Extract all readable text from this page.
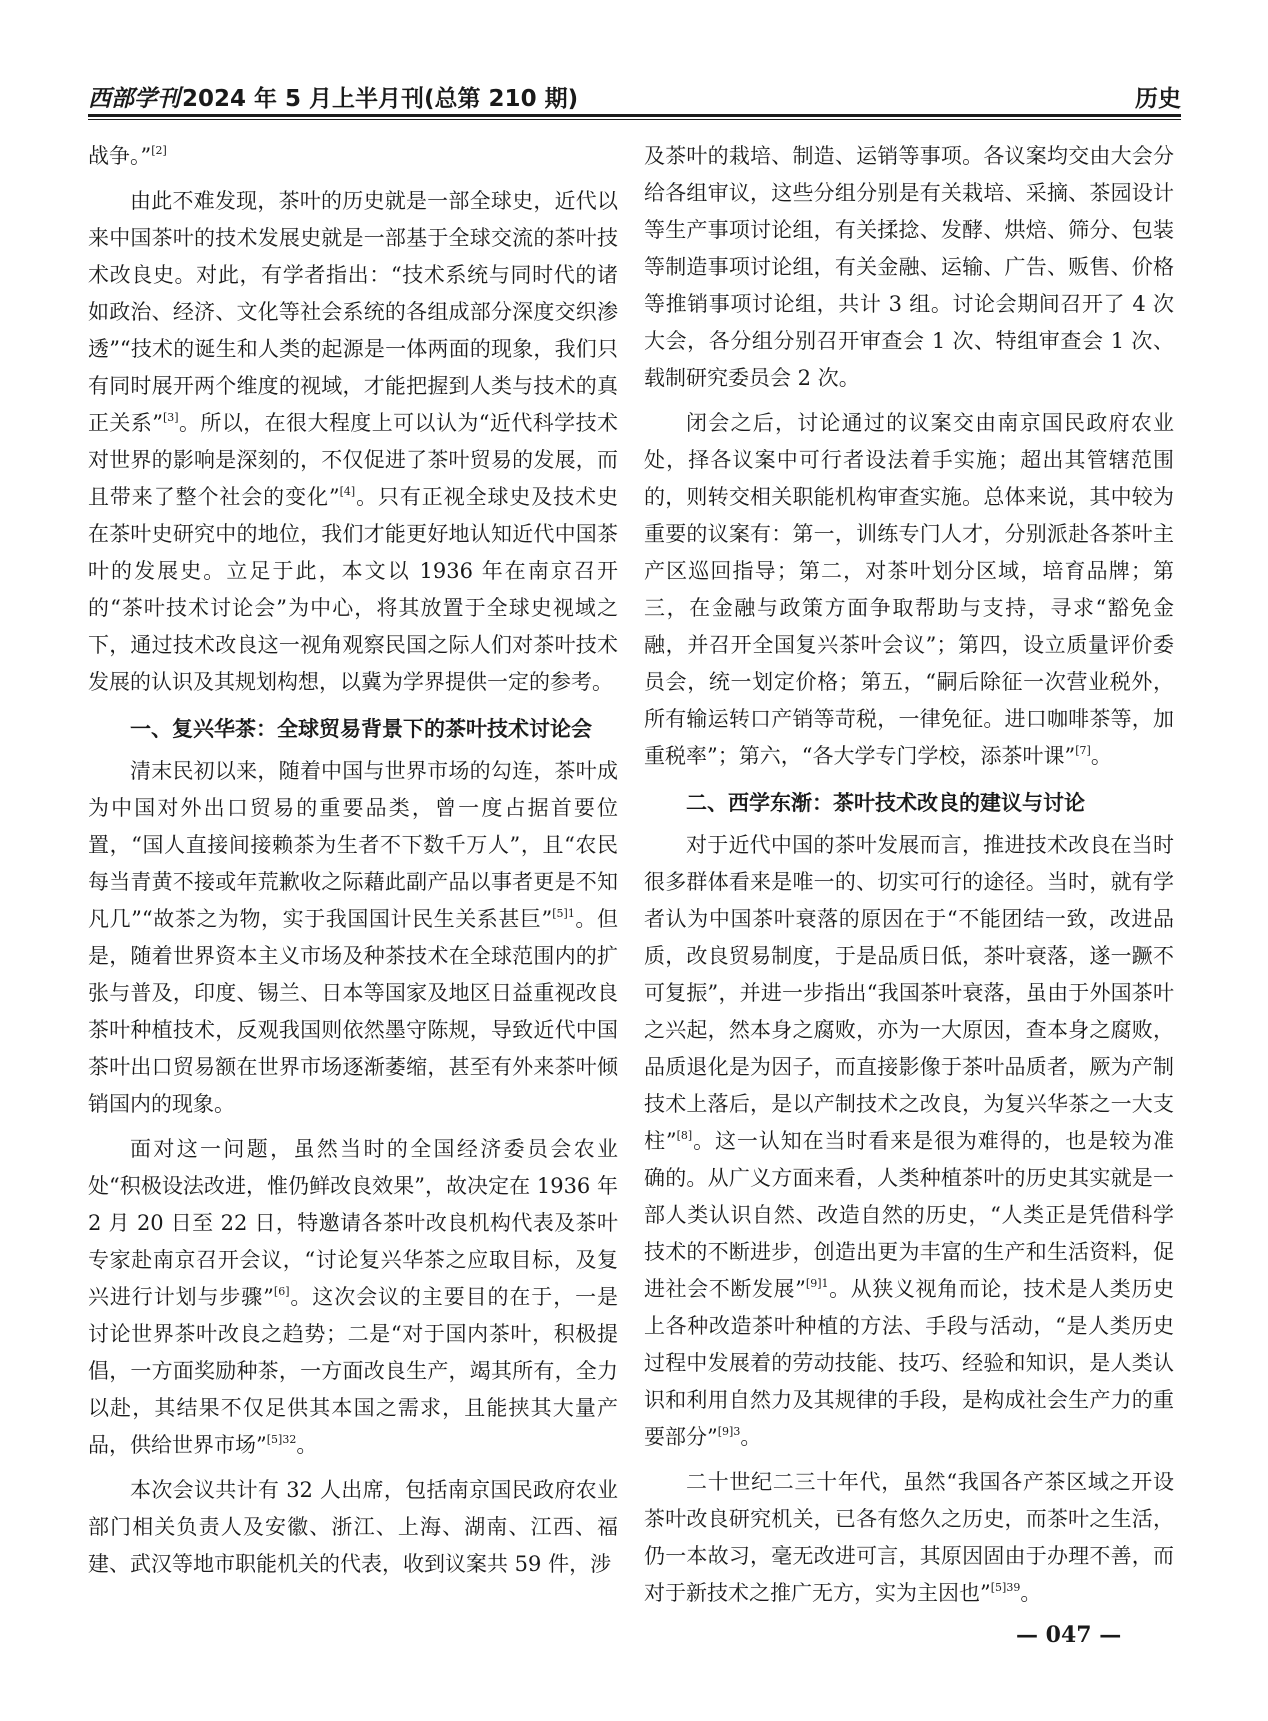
西部学刊2024 年 5 月上半月刊(总第 210 期)	历史

战争。”[2]

由此不难发现，茶叶的历史就是一部全球史，近代以来中国茶叶的技术发展史就是一部基于全球交流的茶叶技术改良史。对此，有学者指出：“技术系统与同时代的诸如政治、经济、文化等社会系统的各组成部分深度交织渗透”“技术的诞生和人类的起源是一体两面的现象，我们只有同时展开两个维度的视域，才能把握到人类与技术的真正关系”[3]。所以，在很大程度上可以认为“近代科学技术对世界的影响是深刻的，不仅促进了茶叶贸易的发展，而且带来了整个社会的变化”[4]。只有正视全球史及技术史在茶叶史研究中的地位，我们才能更好地认知近代中国茶叶的发展史。立足于此，本文以 1936 年在南京召开的“茶叶技术讨论会”为中心，将其放置于全球史视域之下，通过技术改良这一视角观察民国之际人们对茶叶技术发展的认识及其规划构想，以冀为学界提供一定的参考。

一、复兴华茶：全球贸易背景下的茶叶技术讨论会

清末民初以来，随着中国与世界市场的勾连，茶叶成为中国对外出口贸易的重要品类，曾一度占据首要位置，“国人直接间接赖茶为生者不下数千万人”，且“农民每当青黄不接或年荒歉收之际藉此副产品以事者更是不知凡几”“故茶之为物，实于我国国计民生关系甚巨”$^{[5]1}$。但是，随着世界资本主义市场及种茶技术在全球范围内的扩张与普及，印度、锡兰、日本等国家及地区日益重视改良茶叶种植技术，反观我国则依然墨守陈规，导致近代中国茶叶出口贸易额在世界市场逐渐萎缩，甚至有外来茶叶倾销国内的现象。

面对这一问题，虽然当时的全国经济委员会农业处“积极设法改进，惟仍鲜改良效果”，故决定在 1936 年 2 月 20 日至 22 日，特邀请各茶叶改良机构代表及茶叶专家赴南京召开会议，“讨论复兴华茶之应取目标，及复兴进行计划与步骤”[6]。这次会议的主要目的在于，一是讨论世界茶叶改良之趋势；二是“对于国内茶叶，积极提倡，一方面奖励种茶，一方面改良生产，竭其所有，全力以赴，其结果不仅足供其本国之需求，且能挟其大量产品，供给世界市场”$^{[5]32}$。

本次会议共计有 32 人出席，包括南京国民政府农业部门相关负责人及安徽、浙江、上海、湖南、江西、福建、武汉等地市职能机关的代表，收到议案共 59 件，涉

及茶叶的栽培、制造、运销等事项。各议案均交由大会分给各组审议，这些分组分别是有关栽培、采摘、茶园设计等生产事项讨论组，有关揉捻、发酵、烘焙、筛分、包装等制造事项讨论组，有关金融、运输、广告、贩售、价格等推销事项讨论组，共计 3 组。讨论会期间召开了 4 次大会，各分组分别召开审查会 1 次、特组审查会 1 次、载制研究委员会 2 次。

闭会之后，讨论通过的议案交由南京国民政府农业处，择各议案中可行者设法着手实施；超出其管辖范围的，则转交相关职能机构审查实施。总体来说，其中较为重要的议案有：第一，训练专门人才，分别派赴各茶叶主产区巡回指导；第二，对茶叶划分区域，培育品牌；第三，在金融与政策方面争取帮助与支持，寻求“豁免金融，并召开全国复兴茶叶会议”；第四，设立质量评价委员会，统一划定价格；第五，“嗣后除征一次营业税外，所有输运转口产销等苛税，一律免征。进口咖啡茶等，加重税率”；第六，“各大学专门学校，添茶叶课”[7]。

二、西学东渐：茶叶技术改良的建议与讨论

对于近代中国的茶叶发展而言，推进技术改良在当时很多群体看来是唯一的、切实可行的途径。当时，就有学者认为中国茶叶衰落的原因在于“不能团结一致，改进品质，改良贸易制度，于是品质日低，茶叶衰落，遂一蹶不可复振”，并进一步指出“我国茶叶衰落，虽由于外国茶叶之兴起，然本身之腐败，亦为一大原因，查本身之腐败，品质退化是为因子，而直接影像于茶叶品质者，厥为产制技术上落后，是以产制技术之改良，为复兴华茶之一大支柱”[8]。这一认知在当时看来是很为难得的，也是较为准确的。从广义方面来看，人类种植茶叶的历史其实就是一部人类认识自然、改造自然的历史，“人类正是凭借科学技术的不断进步，创造出更为丰富的生产和生活资料，促进社会不断发展”$^{[9]1}$。从狭义视角而论，技术是人类历史上各种改造茶叶种植的方法、手段与活动，“是人类历史过程中发展着的劳动技能、技巧、经验和知识，是人类认识和利用自然力及其规律的手段，是构成社会生产力的重要部分”$^{[9]3}$。

二十世纪二三十年代，虽然“我国各产茶区域之开设茶叶改良研究机关，已各有悠久之历史，而茶叶之生活，仍一本故习，毫无改进可言，其原因固由于办理不善，而对于新技术之推广无方，实为主因也”$^{[5]39}$。

— 047 —
